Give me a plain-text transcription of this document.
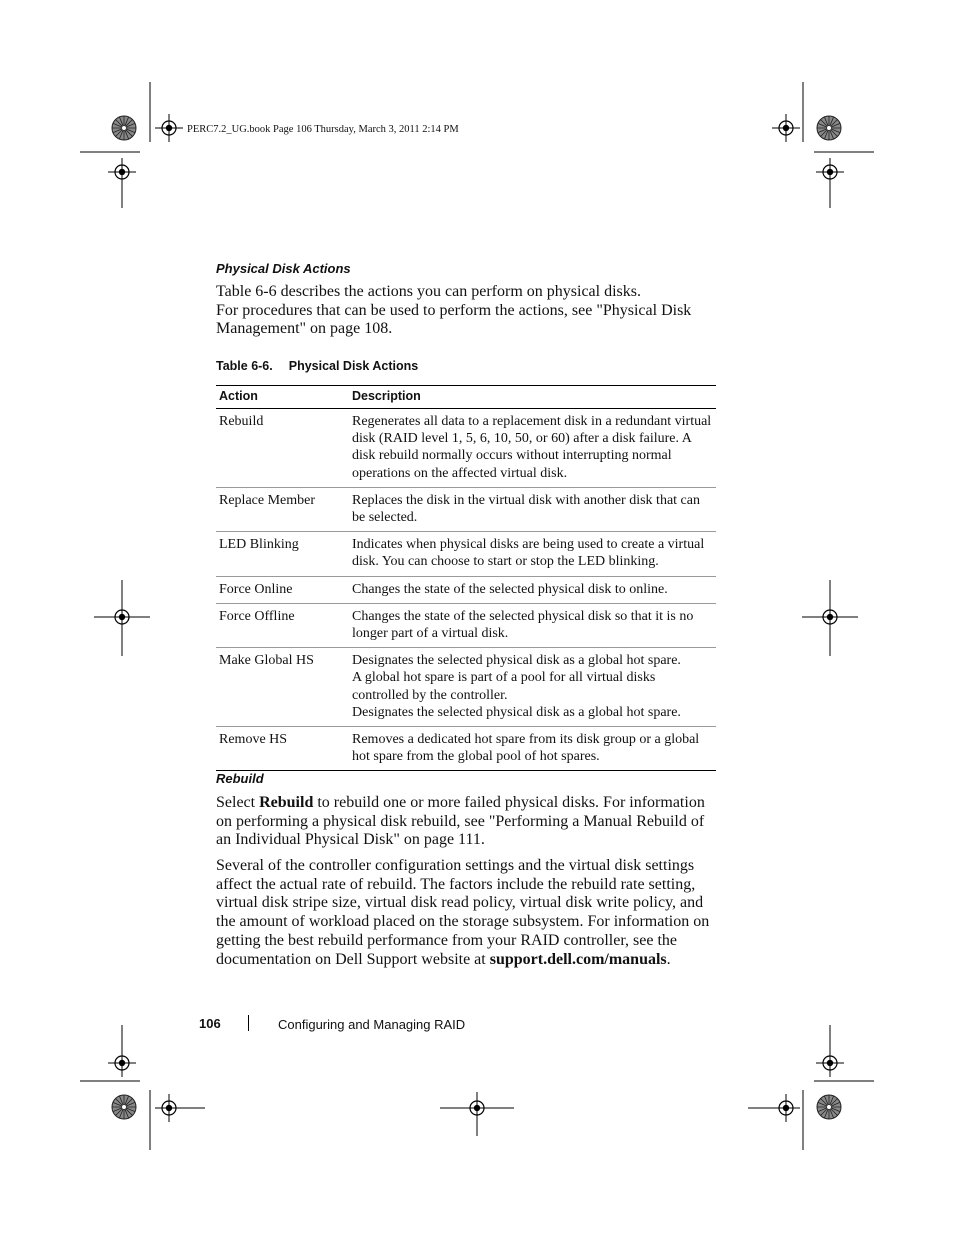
PERC7.2_UG.book Page 106 Thursday, March 3, 2011 2:14 PM
Physical Disk Actions
Table 6-6 describes the actions you can perform on physical disks.
For procedures that can be used to perform the actions, see "Physical Disk Management" on page 108.
Table 6-6. Physical Disk Actions
Action	Description
Rebuild	Regenerates all data to a replacement disk in a redundant virtual disk (RAID level 1, 5, 6, 10, 50, or 60) after a disk failure. A disk rebuild normally occurs without interrupting normal operations on the affected virtual disk.

Replace Member	Replaces the disk in the virtual disk with another disk that can be selected.

LED Blinking	Indicates when physical disks are being used to create a virtual disk. You can choose to start or stop the LED blinking.

Force Online	Changes the state of the selected physical disk to online.

Force Offline	Changes the state of the selected physical disk so that it is no longer part of a virtual disk.

Make Global HS	Designates the selected physical disk as a global hot spare.
A global hot spare is part of a pool for all virtual disks controlled by the controller.
Designates the selected physical disk as a global hot spare.

Remove HS	Removes a dedicated hot spare from its disk group or a global hot spare from the global pool of hot spares.
Rebuild
Select Rebuild to rebuild one or more failed physical disks. For information on performing a physical disk rebuild, see "Performing a Manual Rebuild of an Individual Physical Disk" on page 111.
Several of the controller configuration settings and the virtual disk settings affect the actual rate of rebuild. The factors include the rebuild rate setting, virtual disk stripe size, virtual disk read policy, virtual disk write policy, and the amount of workload placed on the storage subsystem. For information on getting the best rebuild performance from your RAID controller, see the documentation on Dell Support website at support.dell.com/manuals.
106	Configuring and Managing RAID
